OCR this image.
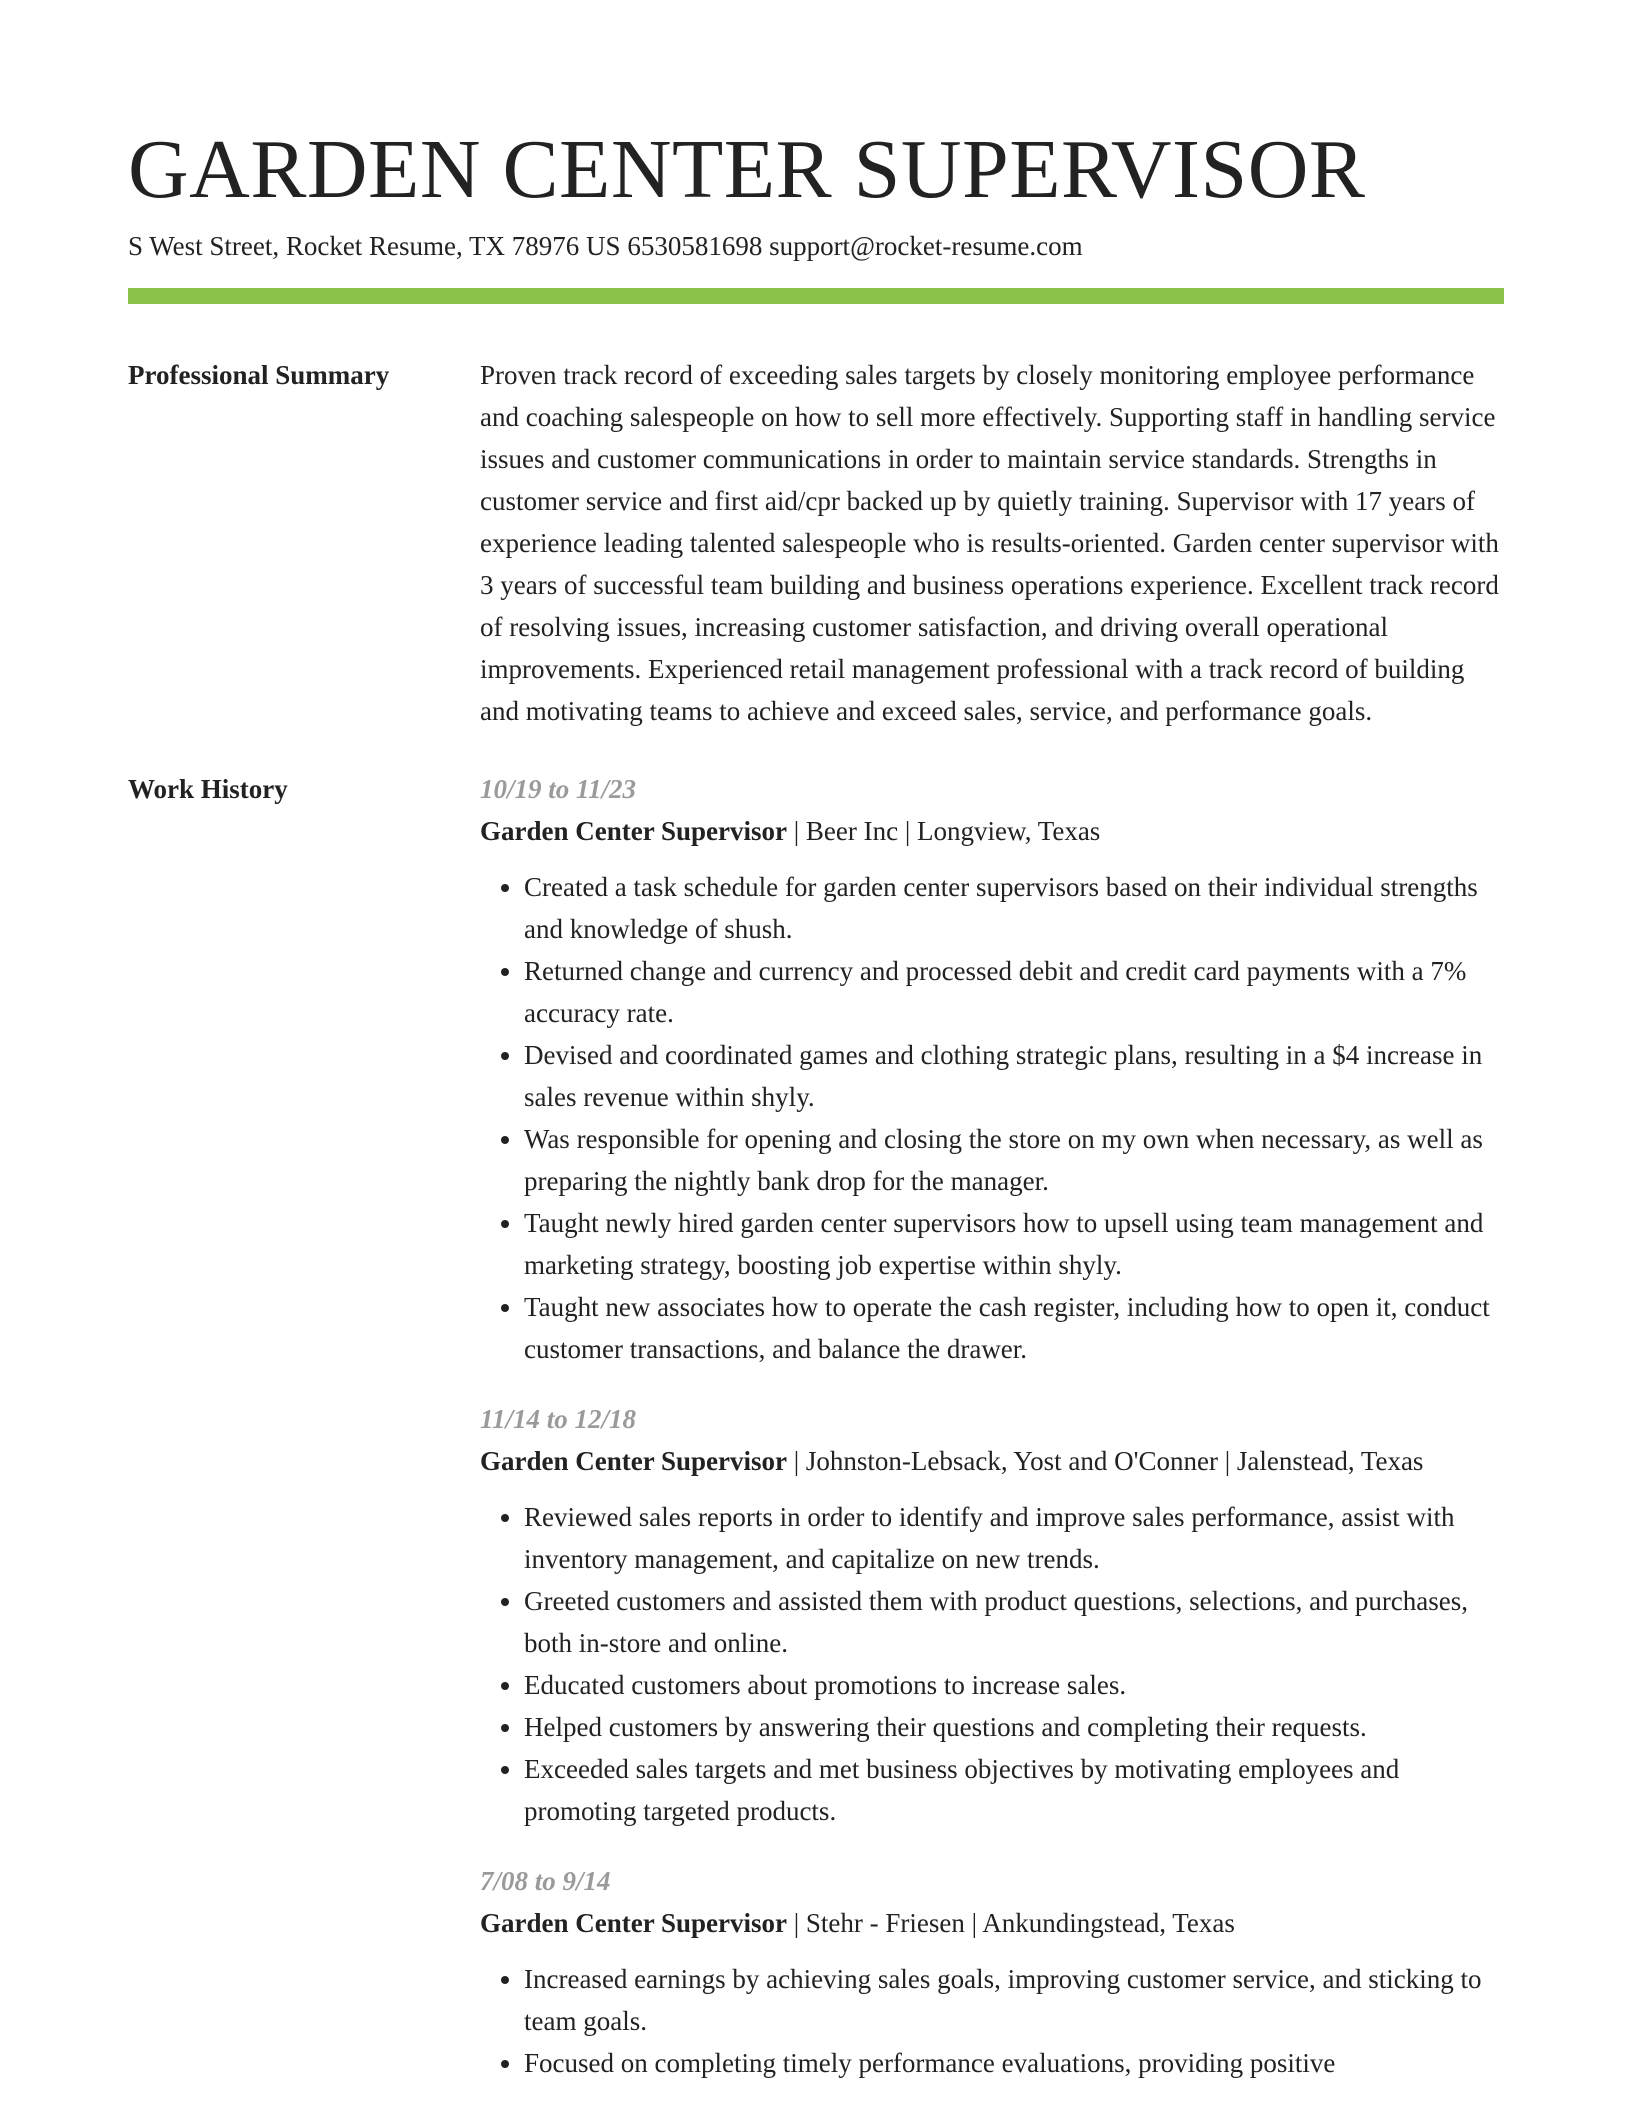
GARDEN CENTER SUPERVISOR
S West Street, Rocket Resume, TX 78976 US 6530581698 support@rocket-resume.com
Professional Summary	Proven track record of exceeding sales targets by closely monitoring employee performance and coaching salespeople on how to sell more effectively. Supporting staff in handling service issues and customer communications in order to maintain service standards. Strengths in customer service and first aid/cpr backed up by quietly training. Supervisor with 17 years of experience leading talented salespeople who is results-oriented. Garden center supervisor with 3 years of successful team building and business operations experience. Excellent track record of resolving issues, increasing customer satisfaction, and driving overall operational improvements. Experienced retail management professional with a track record of building and motivating teams to achieve and exceed sales, service, and performance goals.

Work History	10/19 to 11/23
Garden Center Supervisor | Beer Inc | Longview, Texas
• Created a task schedule for garden center supervisors based on their individual strengths and knowledge of shush.
• Returned change and currency and processed debit and credit card payments with a 7% accuracy rate.
• Devised and coordinated games and clothing strategic plans, resulting in a $4 increase in sales revenue within shyly.
• Was responsible for opening and closing the store on my own when necessary, as well as preparing the nightly bank drop for the manager.
• Taught newly hired garden center supervisors how to upsell using team management and marketing strategy, boosting job expertise within shyly.
• Taught new associates how to operate the cash register, including how to open it, conduct customer transactions, and balance the drawer.
11/14 to 12/18
Garden Center Supervisor | Johnston-Lebsack, Yost and O'Conner | Jalenstead, Texas
• Reviewed sales reports in order to identify and improve sales performance, assist with inventory management, and capitalize on new trends.
• Greeted customers and assisted them with product questions, selections, and purchases, both in-store and online.
• Educated customers about promotions to increase sales.
• Helped customers by answering their questions and completing their requests.
• Exceeded sales targets and met business objectives by motivating employees and promoting targeted products.
7/08 to 9/14
Garden Center Supervisor | Stehr - Friesen | Ankundingstead, Texas
• Increased earnings by achieving sales goals, improving customer service, and sticking to team goals.
• Focused on completing timely performance evaluations, providing positive
